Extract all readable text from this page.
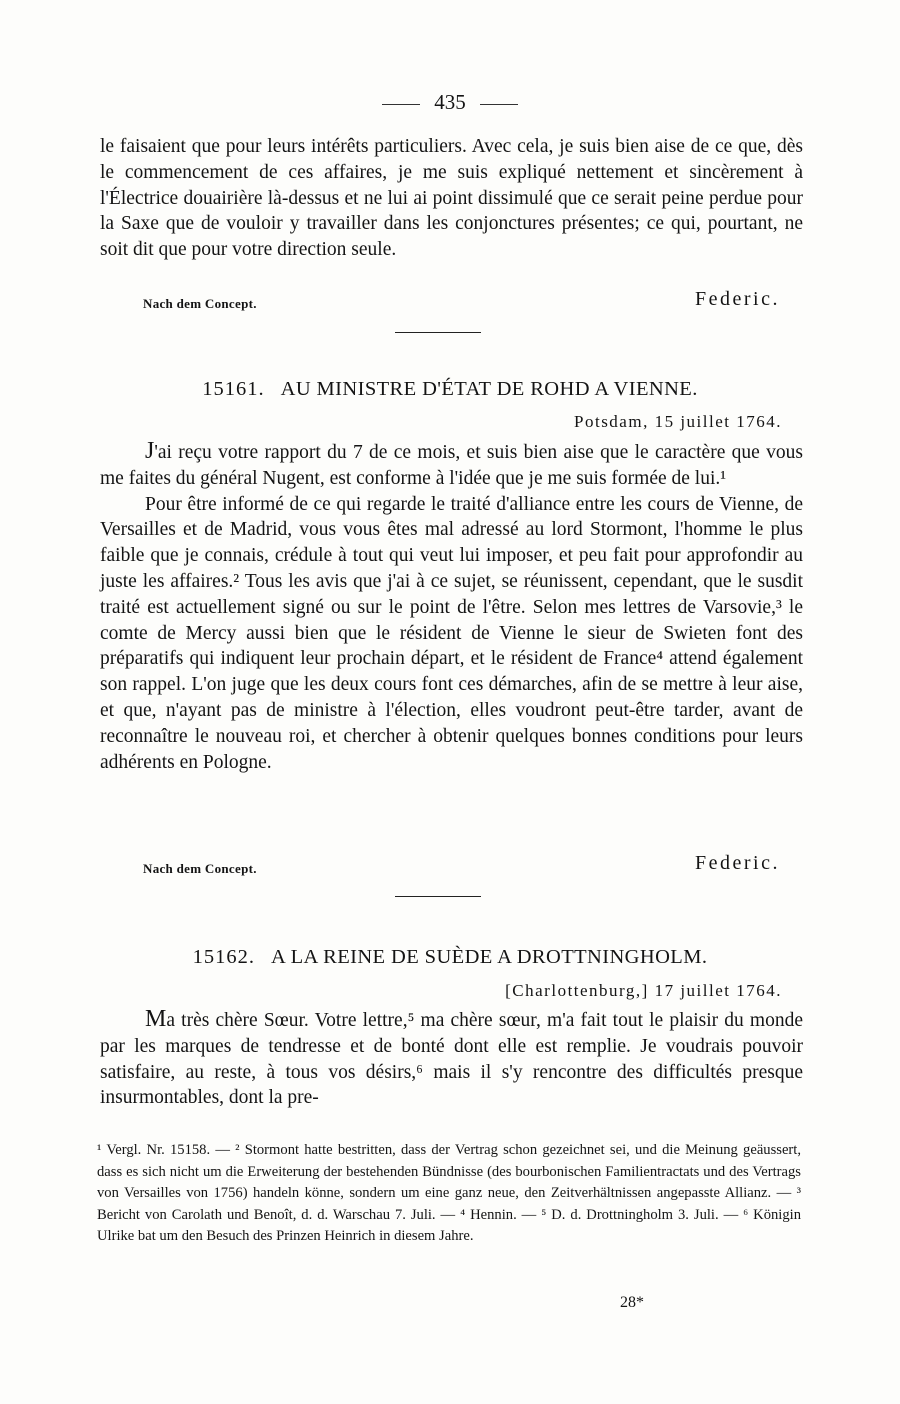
435

le faisaient que pour leurs intérêts particuliers. Avec cela, je suis bien aise de ce que, dès le commencement de ces affaires, je me suis expliqué nettement et sincèrement à l'Électrice douairière là-dessus et ne lui ai point dissimulé que ce serait peine perdue pour la Saxe que de vouloir y travailler dans les conjonctures présentes; ce qui, pourtant, ne soit dit que pour votre direction seule.

Nach dem Concept.	Federic.
15161. AU MINISTRE D'ÉTAT DE ROHD A VIENNE.
Potsdam, 15 juillet 1764.

J'ai reçu votre rapport du 7 de ce mois, et suis bien aise que le caractère que vous me faites du général Nugent, est conforme à l'idée que je me suis formée de lui.¹

Pour être informé de ce qui regarde le traité d'alliance entre les cours de Vienne, de Versailles et de Madrid, vous vous êtes mal adressé au lord Stormont, l'homme le plus faible que je connais, crédule à tout qui veut lui imposer, et peu fait pour approfondir au juste les affaires.² Tous les avis que j'ai à ce sujet, se réunissent, cependant, que le susdit traité est actuellement signé ou sur le point de l'être. Selon mes lettres de Varsovie,³ le comte de Mercy aussi bien que le résident de Vienne le sieur de Swieten font des préparatifs qui indiquent leur prochain départ, et le résident de France⁴ attend également son rappel. L'on juge que les deux cours font ces démarches, afin de se mettre à leur aise, et que, n'ayant pas de ministre à l'élection, elles voudront peut-être tarder, avant de reconnaître le nouveau roi, et chercher à obtenir quelques bonnes conditions pour leurs adhérents en Pologne.

Nach dem Concept.	Federic.
15162. A LA REINE DE SUÈDE A DROTTNINGHOLM.
[Charlottenburg,] 17 juillet 1764.

Ma très chère Sœur. Votre lettre,⁵ ma chère sœur, m'a fait tout le plaisir du monde par les marques de tendresse et de bonté dont elle est remplie. Je voudrais pouvoir satisfaire, au reste, à tous vos désirs,⁶ mais il s'y rencontre des difficultés presque insurmontables, dont la pre-

¹ Vergl. Nr. 15158. — ² Stormont hatte bestritten, dass der Vertrag schon gezeichnet sei, und die Meinung geäussert, dass es sich nicht um die Erweiterung der bestehenden Bündnisse (des bourbonischen Familientractats und des Vertrags von Versailles von 1756) handeln könne, sondern um eine ganz neue, den Zeitverhältnissen angepasste Allianz. — ³ Bericht von Carolath und Benoît, d. d. Warschau 7. Juli. — ⁴ Hennin. — ⁵ D. d. Drottningholm 3. Juli. — ⁶ Königin Ulrike bat um den Besuch des Prinzen Heinrich in diesem Jahre.

28*
